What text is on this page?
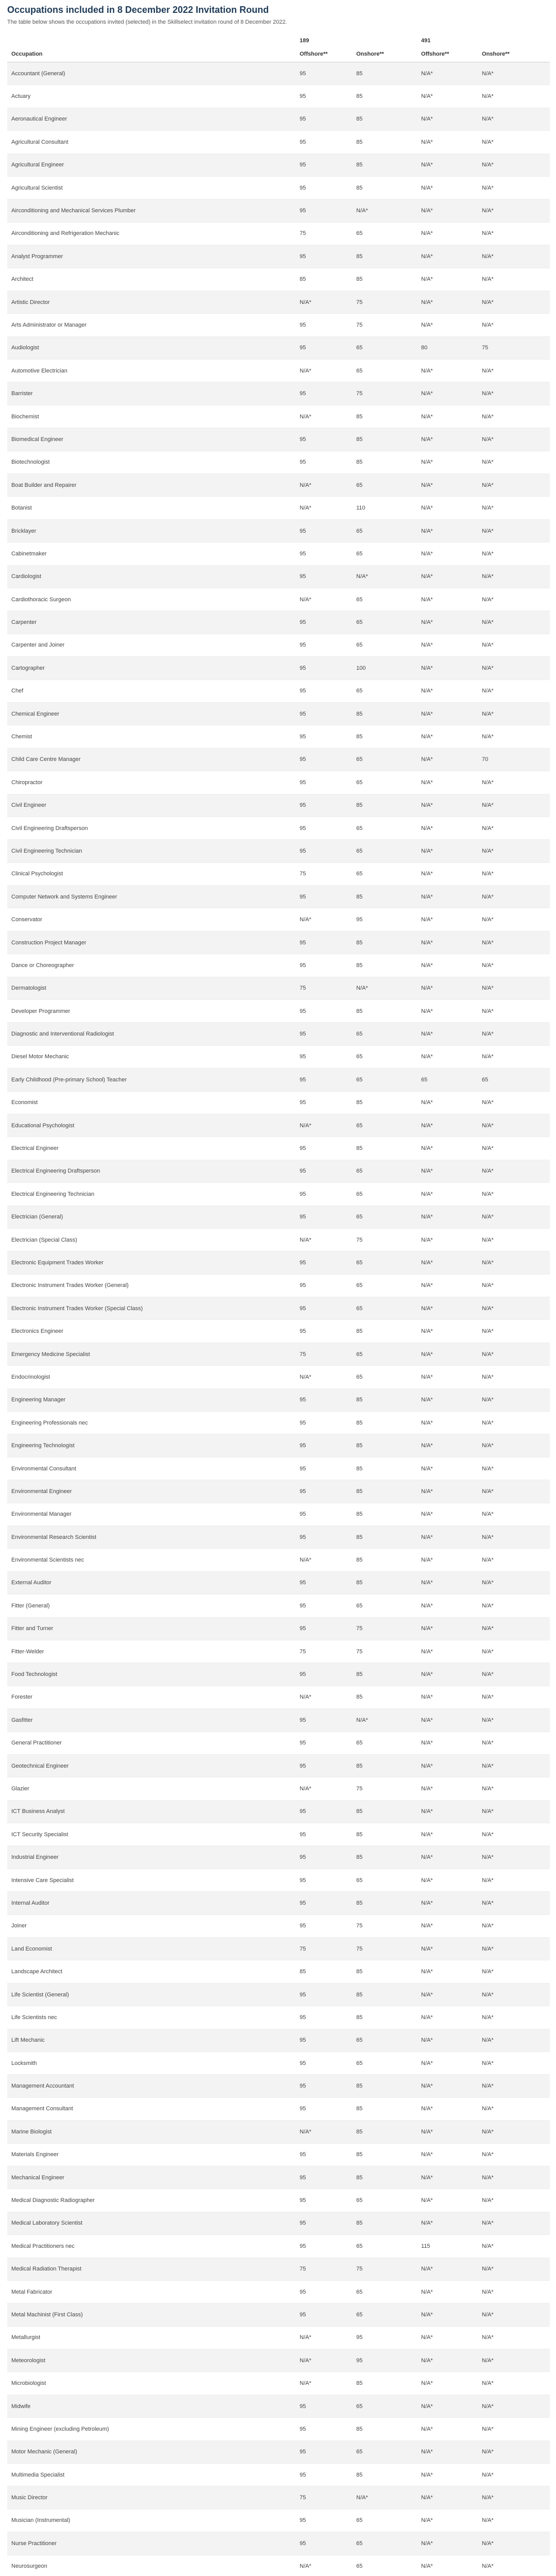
Occupations included in 8 December 2022 Invitation Round

The table below shows the occupations invited (selected) in the Skillselect invitation round of 8 December 2022.

	189		491	
Occupation	Offshore**	Onshore**	Offshore**	Onshore**
Accountant (General)	95	85	N/A*	N/A*
Actuary	95	85	N/A*	N/A*
Aeronautical Engineer	95	85	N/A*	N/A*
Agricultural Consultant	95	85	N/A*	N/A*
Agricultural Engineer	95	85	N/A*	N/A*
Agricultural Scientist	95	85	N/A*	N/A*
Airconditioning and Mechanical Services Plumber	95	N/A*	N/A*	N/A*
Airconditioning and Refrigeration Mechanic	75	65	N/A*	N/A*
Analyst Programmer	95	85	N/A*	N/A*
Architect	85	85	N/A*	N/A*
Artistic Director	N/A*	75	N/A*	N/A*
Arts Administrator or Manager	95	75	N/A*	N/A*
Audiologist	95	65	80	75
Automotive Electrician	N/A*	65	N/A*	N/A*
Barrister	95	75	N/A*	N/A*
Biochemist	N/A*	85	N/A*	N/A*
Biomedical Engineer	95	85	N/A*	N/A*
Biotechnologist	95	85	N/A*	N/A*
Boat Builder and Repairer	N/A*	65	N/A*	N/A*
Botanist	N/A*	110	N/A*	N/A*
Bricklayer	95	65	N/A*	N/A*
Cabinetmaker	95	65	N/A*	N/A*
Cardiologist	95	N/A*	N/A*	N/A*
Cardiothoracic Surgeon	N/A*	65	N/A*	N/A*
Carpenter	95	65	N/A*	N/A*
Carpenter and Joiner	95	65	N/A*	N/A*
Cartographer	95	100	N/A*	N/A*
Chef	95	65	N/A*	N/A*
Chemical Engineer	95	85	N/A*	N/A*
Chemist	95	85	N/A*	N/A*
Child Care Centre Manager	95	65	N/A*	70
Chiropractor	95	65	N/A*	N/A*
Civil Engineer	95	85	N/A*	N/A*
Civil Engineering Draftsperson	95	65	N/A*	N/A*
Civil Engineering Technician	95	65	N/A*	N/A*
Clinical Psychologist	75	65	N/A*	N/A*
Computer Network and Systems Engineer	95	85	N/A*	N/A*
Conservator	N/A*	95	N/A*	N/A*
Construction Project Manager	95	85	N/A*	N/A*
Dance or Choreographer	95	85	N/A*	N/A*
Dermatologist	75	N/A*	N/A*	N/A*
Developer Programmer	95	85	N/A*	N/A*
Diagnostic and Interventional Radiologist	95	65	N/A*	N/A*
Diesel Motor Mechanic	95	65	N/A*	N/A*
Early Childhood (Pre-primary School) Teacher	95	65	65	65
Economist	95	85	N/A*	N/A*
Educational Psychologist	N/A*	65	N/A*	N/A*
Electrical Engineer	95	85	N/A*	N/A*
Electrical Engineering Draftsperson	95	65	N/A*	N/A*
Electrical Engineering Technician	95	65	N/A*	N/A*
Electrician (General)	95	65	N/A*	N/A*
Electrician (Special Class)	N/A*	75	N/A*	N/A*
Electronic Equipment Trades Worker	95	65	N/A*	N/A*
Electronic Instrument Trades Worker (General)	95	65	N/A*	N/A*
Electronic Instrument Trades Worker (Special Class)	95	65	N/A*	N/A*
Electronics Engineer	95	85	N/A*	N/A*
Emergency Medicine Specialist	75	65	N/A*	N/A*
Endocrinologist	N/A*	65	N/A*	N/A*
Engineering Manager	95	85	N/A*	N/A*
Engineering Professionals nec	95	85	N/A*	N/A*
Engineering Technologist	95	85	N/A*	N/A*
Environmental Consultant	95	85	N/A*	N/A*
Environmental Engineer	95	85	N/A*	N/A*
Environmental Manager	95	85	N/A*	N/A*
Environmental Research Scientist	95	85	N/A*	N/A*
Environmental Scientists nec	N/A*	85	N/A*	N/A*
External Auditor	95	85	N/A*	N/A*
Fitter (General)	95	65	N/A*	N/A*
Fitter and Turner	95	75	N/A*	N/A*
Fitter-Welder	75	75	N/A*	N/A*
Food Technologist	95	85	N/A*	N/A*
Forester	N/A*	85	N/A*	N/A*
Gasfitter	95	N/A*	N/A*	N/A*
General Practitioner	95	65	N/A*	N/A*
Geotechnical Engineer	95	85	N/A*	N/A*
Glazier	N/A*	75	N/A*	N/A*
ICT Business Analyst	95	85	N/A*	N/A*
ICT Security Specialist	95	85	N/A*	N/A*
Industrial Engineer	95	85	N/A*	N/A*
Intensive Care Specialist	95	65	N/A*	N/A*
Internal Auditor	95	85	N/A*	N/A*
Joiner	95	75	N/A*	N/A*
Land Economist	75	75	N/A*	N/A*
Landscape Architect	85	85	N/A*	N/A*
Life Scientist (General)	95	85	N/A*	N/A*
Life Scientists nec	95	85	N/A*	N/A*
Lift Mechanic	95	65	N/A*	N/A*
Locksmith	95	65	N/A*	N/A*
Management Accountant	95	85	N/A*	N/A*
Management Consultant	95	85	N/A*	N/A*
Marine Biologist	N/A*	85	N/A*	N/A*
Materials Engineer	95	85	N/A*	N/A*
Mechanical Engineer	95	85	N/A*	N/A*
Medical Diagnostic Radiographer	95	65	N/A*	N/A*
Medical Laboratory Scientist	95	85	N/A*	N/A*
Medical Practitioners nec	95	65	115	N/A*
Medical Radiation Therapist	75	75	N/A*	N/A*
Metal Fabricator	95	65	N/A*	N/A*
Metal Machinist (First Class)	95	65	N/A*	N/A*
Metallurgist	N/A*	95	N/A*	N/A*
Meteorologist	N/A*	95	N/A*	N/A*
Microbiologist	N/A*	85	N/A*	N/A*
Midwife	95	65	N/A*	N/A*
Mining Engineer (excluding Petroleum)	95	85	N/A*	N/A*
Motor Mechanic (General)	95	65	N/A*	N/A*
Multimedia Specialist	95	85	N/A*	N/A*
Music Director	75	N/A*	N/A*	N/A*
Musician (Instrumental)	95	65	N/A*	N/A*
Nurse Practitioner	95	65	N/A*	N/A*
Neurosurgeon	N/A*	65	N/A*	N/A*
